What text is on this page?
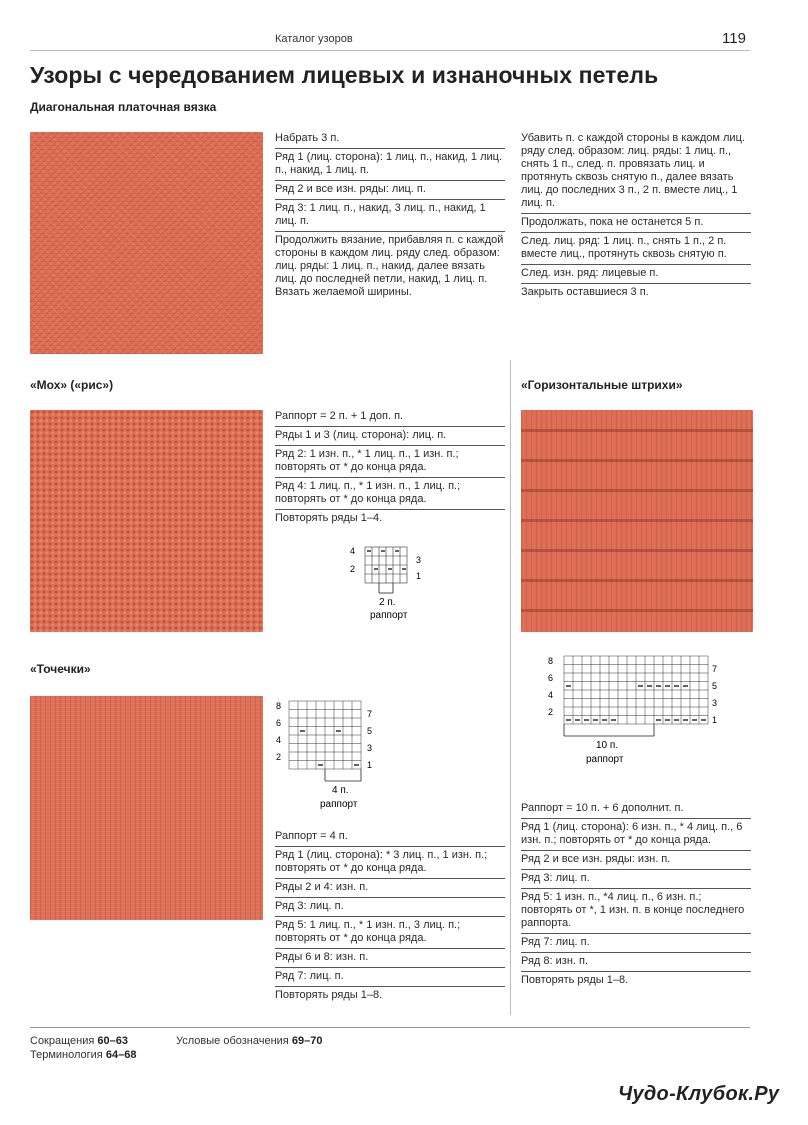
Каталог узоров	119
Узоры с чередованием лицевых и изнаночных петель
Диагональная платочная вязка
Набрать 3 п.
Ряд 1 (лиц. сторона): 1 лиц. п., накид, 1 лиц. п., накид, 1 лиц. п.
Ряд 2 и все изн. ряды: лиц. п.
Ряд 3: 1 лиц. п., накид, 3 лиц. п., накид, 1 лиц. п.
Продолжить вязание, прибавляя п. с каждой стороны в каждом лиц. ряду след. образом: лиц. ряды: 1 лиц. п., накид, далее вязать лиц. до последней петли, накид, 1 лиц. п. Вязать желаемой ширины.
Убавить п. с каждой стороны в каждом лиц. ряду след. образом: лиц. ряды: 1 лиц. п., снять 1 п., след. п. провязать лиц. и протянуть сквозь снятую п., далее вязать лиц. до последних 3 п., 2 п. вместе лиц., 1 лиц. п.
Продолжать, пока не останется 5 п.
След. лиц. ряд: 1 лиц. п., снять 1 п., 2 п. вместе лиц., протянуть сквозь снятую п.
След. изн. ряд: лицевые п.
Закрыть оставшиеся 3 п.
«Мох» («рис»)
Раппорт = 2 п. + 1 доп. п.
Ряды 1 и 3 (лиц. сторона): лиц. п.
Ряд 2: 1 изн. п., * 1 лиц. п., 1 изн. п.; повторять от * до конца ряда.
Ряд 4: 1 лиц. п., * 1 изн. п., 1 лиц. п.; повторять от * до конца ряда.
Повторять ряды 1–4.
4
2
3
1
2 п.
раппорт
«Горизонтальные штрихи»
8
6
4
2
7
5
3
1
10 п.
раппорт
Раппорт = 10 п. + 6 дополнит. п.
Ряд 1 (лиц. сторона): 6 изн. п., * 4 лиц. п., 6 изн. п.; повторять от * до конца ряда.
Ряд 2 и все изн. ряды: изн. п.
Ряд 3: лиц. п.
Ряд 5: 1 изн. п., *4 лиц. п., 6 изн. п.; повторять от *, 1 изн. п. в конце последнего раппорта.
Ряд 7: лиц. п.
Ряд 8: изн. п.
Повторять ряды 1–8.
«Точечки»
8
6
4
2
7
5
3
1
4 п.
раппорт
Раппорт = 4 п.
Ряд 1 (лиц. сторона): * 3 лиц. п., 1 изн. п.; повторять от * до конца ряда.
Ряды 2 и 4: изн. п.
Ряд 3: лиц. п.
Ряд 5: 1 лиц. п., * 1 изн. п., 3 лиц. п.; повторять от * до конца ряда.
Ряды 6 и 8: изн. п.
Ряд 7: лиц. п.
Повторять ряды 1–8.
Сокращения 60–63
Терминология 64–68
Условые обозначения 69–70
Чудо-Клубок.Ру
